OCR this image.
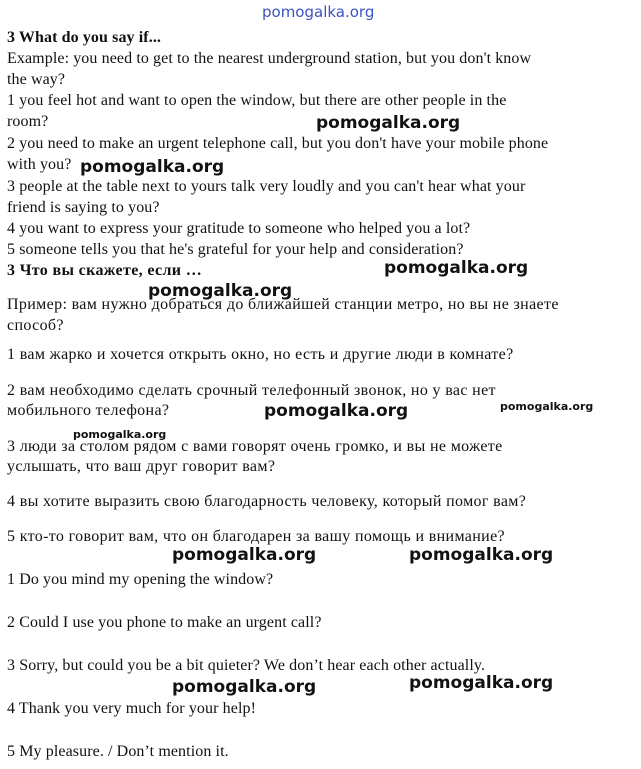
pomogalka.org
3 What do you say if...
Example: you need to get to the nearest underground station, but you don't know
the way?
1 you feel hot and want to open the window, but there are other people in the
room?
2 you need to make an urgent telephone call, but you don't have your mobile phone
with you?
3 people at the table next to yours talk very loudly and you can't hear what your
friend is saying to you?
4 you want to express your gratitude to someone who helped you a lot?
5 someone tells you that he's grateful for your help and consideration?
3 Что вы скажете, если …
Пример: вам нужно добраться до ближайшей станции метро, но вы не знаете
способ?
1 вам жарко и хочется открыть окно, но есть и другие люди в комнате?
2 вам необходимо сделать срочный телефонный звонок, но у вас нет
мобильного телефона?
3 люди за столом рядом с вами говорят очень громко, и вы не можете
услышать, что ваш друг говорит вам?
4 вы хотите выразить свою благодарность человеку, который помог вам?
5 кто-то говорит вам, что он благодарен за вашу помощь и внимание?
1 Do you mind my opening the window?
2 Could I use you phone to make an urgent call?
3 Sorry, but could you be a bit quieter? We don’t hear each other actually.
4 Thank you very much for your help!
5 My pleasure. / Don’t mention it.
pomogalka.org
pomogalka.org
pomogalka.org
pomogalka.org
pomogalka.org	pomogalka.org
pomogalka.org
pomogalka.org	pomogalka.org
pomogalka.org	pomogalka.org
